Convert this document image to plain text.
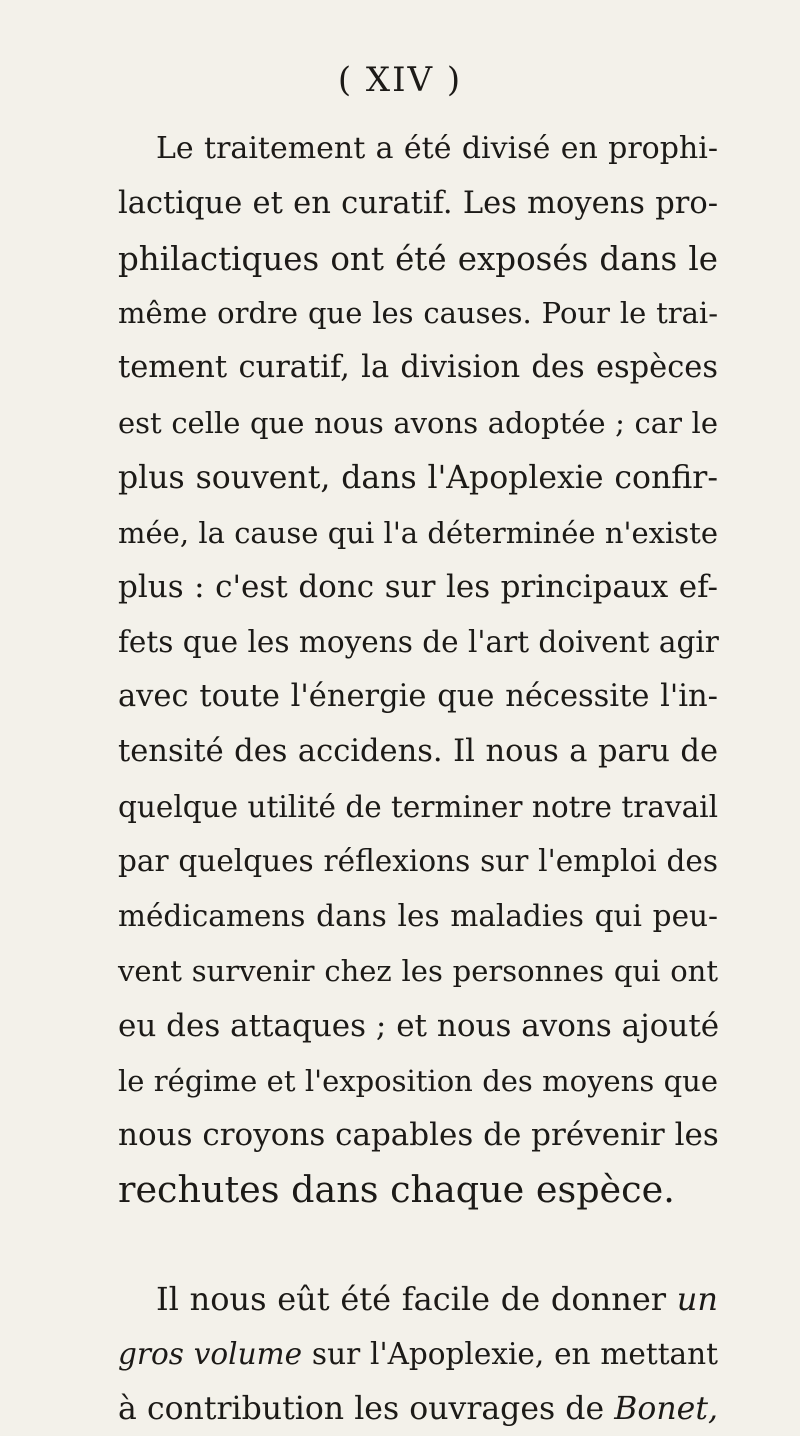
( XIV )
Le traitement a été divisé en prophi-
lactique et en curatif. Les moyens pro-
philactiques ont été exposés dans le
même ordre que les causes. Pour le trai-
tement curatif, la division des espèces
est celle que nous avons adoptée ; car le
plus souvent, dans l'Apoplexie confir-
mée, la cause qui l'a déterminée n'existe
plus : c'est donc sur les principaux ef-
fets que les moyens de l'art doivent agir
avec toute l'énergie que nécessite l'in-
tensité des accidens. Il nous a paru de
quelque utilité de terminer notre travail
par quelques réflexions sur l'emploi des
médicamens dans les maladies qui peu-
vent survenir chez les personnes qui ont
eu des attaques ; et nous avons ajouté
le régime et l'exposition des moyens que
nous croyons capables de prévenir les
rechutes dans chaque espèce.
Il nous eût été facile de donner un
gros volume sur l'Apoplexie, en mettant
à contribution les ouvrages de Bonet,
